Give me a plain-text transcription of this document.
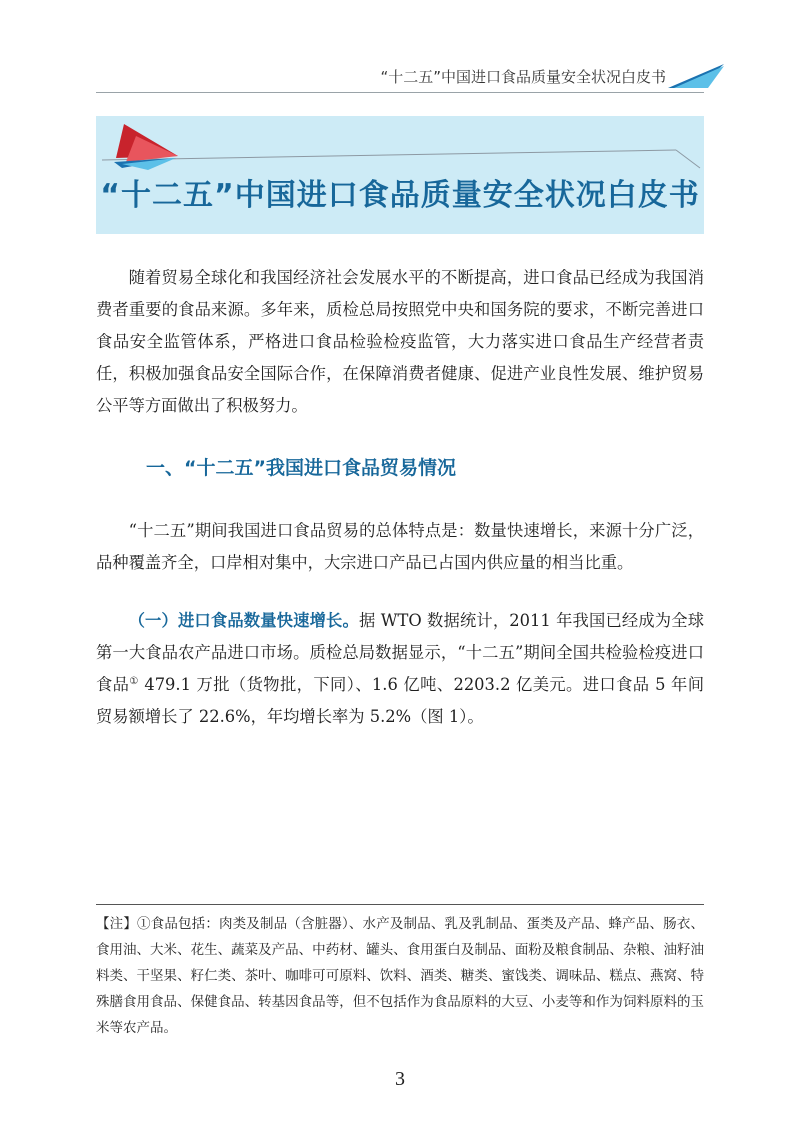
“十二五”中国进口食品质量安全状况白皮书
“十二五”中国进口食品质量安全状况白皮书

随着贸易全球化和我国经济社会发展水平的不断提高，进口食品已经成为我国消费者重要的食品来源。多年来，质检总局按照党中央和国务院的要求，不断完善进口食品安全监管体系，严格进口食品检验检疫监管，大力落实进口食品生产经营者责任，积极加强食品安全国际合作，在保障消费者健康、促进产业良性发展、维护贸易公平等方面做出了积极努力。

一、“十二五”我国进口食品贸易情况

“十二五”期间我国进口食品贸易的总体特点是：数量快速增长，来源十分广泛，品种覆盖齐全，口岸相对集中，大宗进口产品已占国内供应量的相当比重。

（一）进口食品数量快速增长。据 WTO 数据统计，2011 年我国已经成为全球第一大食品农产品进口市场。质检总局数据显示，“十二五”期间全国共检验检疫进口食品① 479.1 万批（货物批，下同）、1.6 亿吨、2203.2 亿美元。进口食品 5 年间贸易额增长了 22.6%，年均增长率为 5.2%（图 1）。

【注】①食品包括：肉类及制品（含脏器）、水产及制品、乳及乳制品、蛋类及产品、蜂产品、肠衣、食用油、大米、花生、蔬菜及产品、中药材、罐头、食用蛋白及制品、面粉及粮食制品、杂粮、油籽油料类、干坚果、籽仁类、茶叶、咖啡可可原料、饮料、酒类、糖类、蜜饯类、调味品、糕点、燕窝、特殊膳食用食品、保健食品、转基因食品等，但不包括作为食品原料的大豆、小麦等和作为饲料原料的玉米等农产品。

3
